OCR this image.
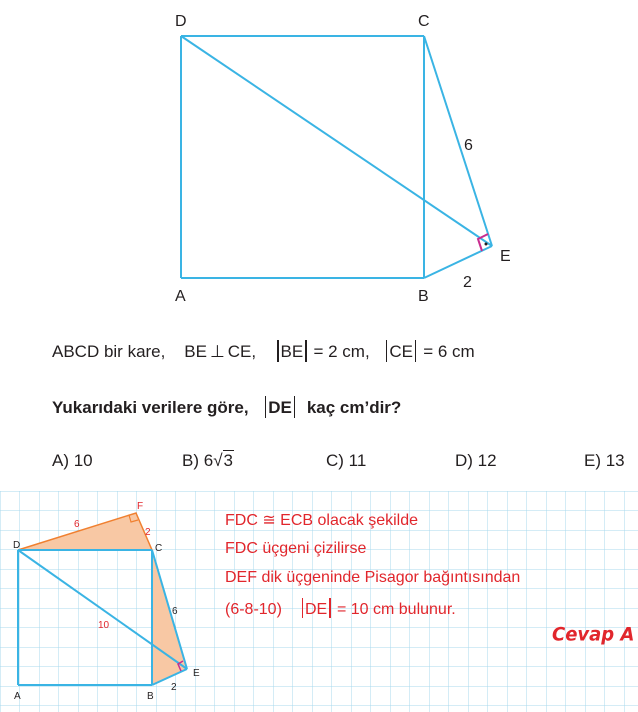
D	C
A	B
E
6
2
ABCD bir kare, BE ⊥ CE, BE = 2 cm, CE = 6 cm
Yukarıdaki verilere göre, DE kaç cm’dir?
A) 10	B) 6√3	C) 11	D) 12	E) 13
D	C
F
A	B
E
6
2
6
2
10
FDC ≅ ECB olacak şekilde
FDC üçgeni çizilirse
DEF dik üçgeninde Pisagor bağıntısından
(6-8-10) DE = 10 cm bulunur.
Cevap A
